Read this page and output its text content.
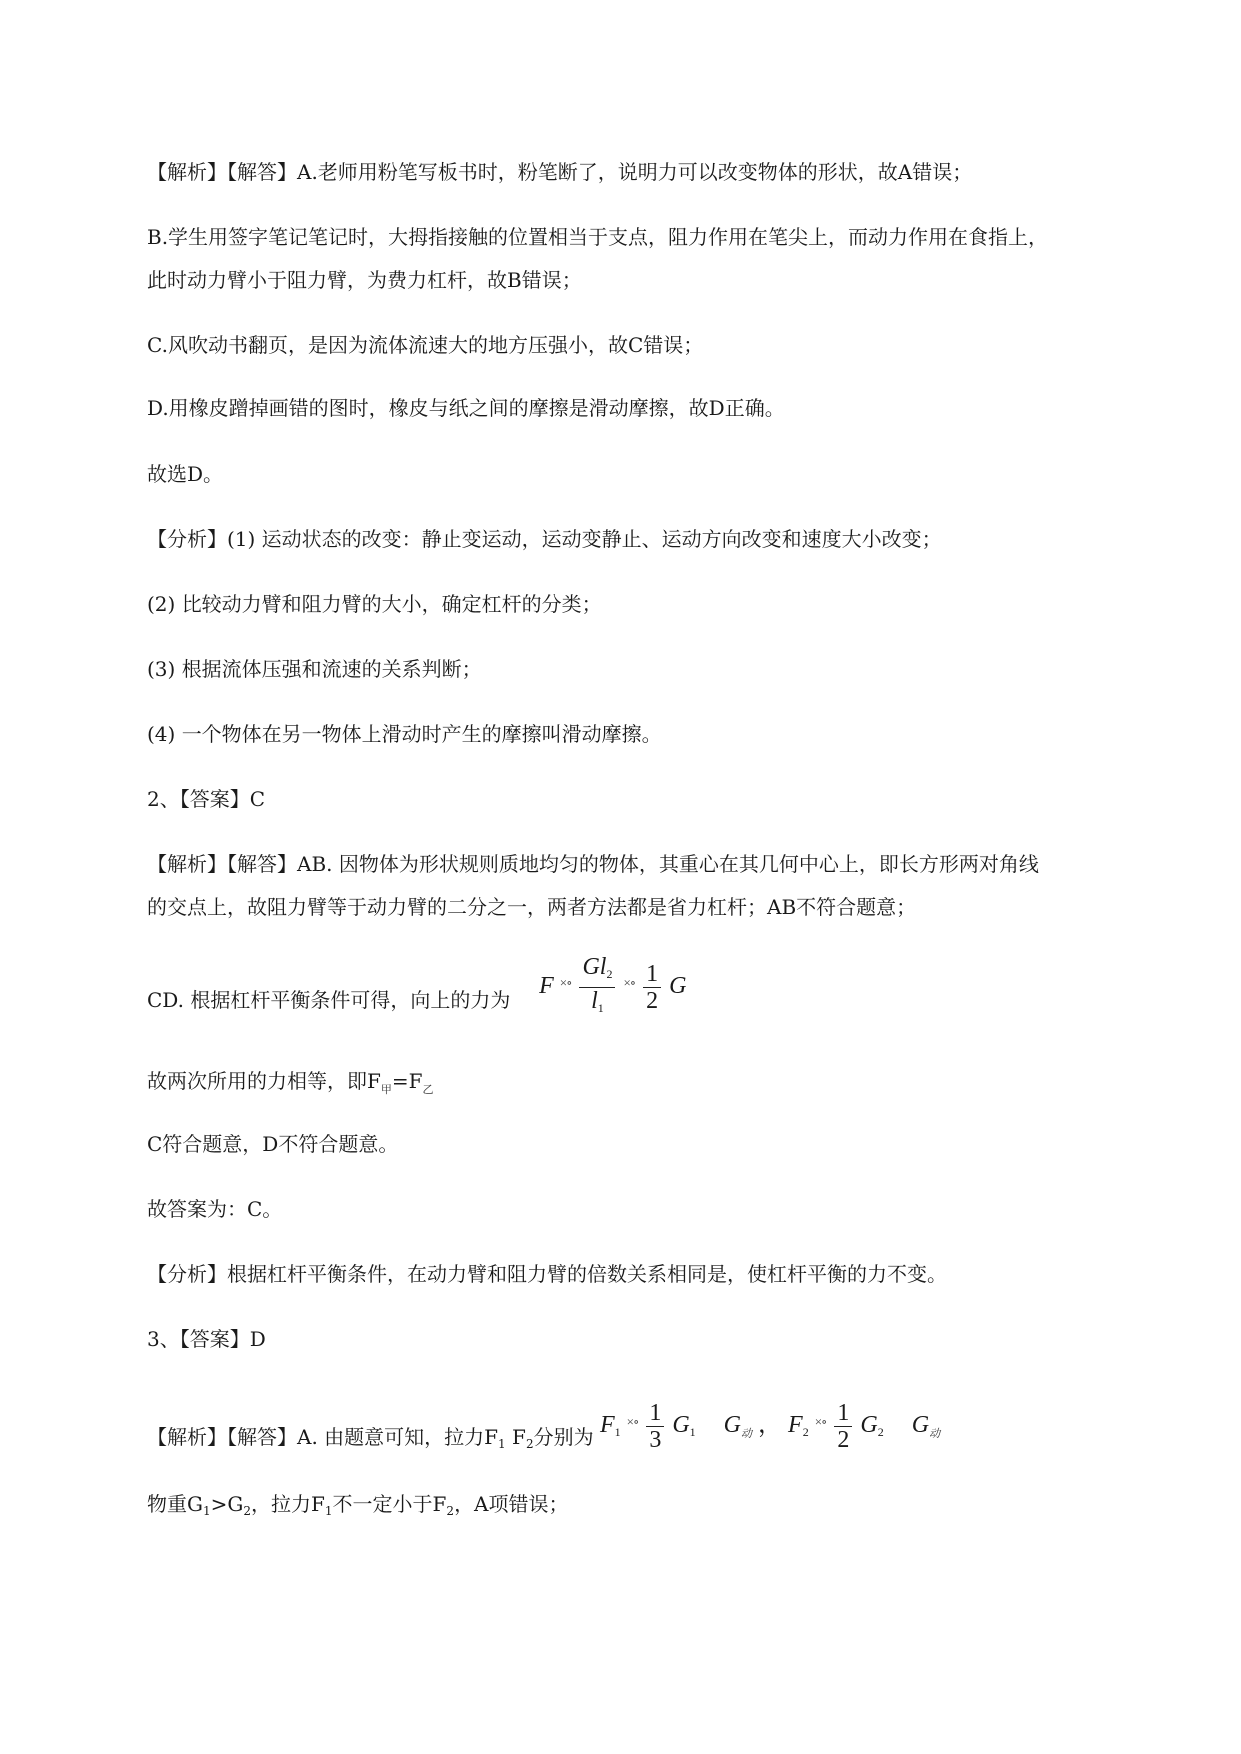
【解析】【解答】A.老师用粉笔写板书时，粉笔断了，说明力可以改变物体的形状，故A错误；
B.学生用签字笔记笔记时，大拇指接触的位置相当于支点，阻力作用在笔尖上，而动力作用在食指上，
此时动力臂小于阻力臂，为费力杠杆，故B错误；
C.风吹动书翻页，是因为流体流速大的地方压强小，故C错误；
D.用橡皮蹭掉画错的图时，橡皮与纸之间的摩擦是滑动摩擦，故D正确。
故选D。
【分析】(1) 运动状态的改变：静止变运动，运动变静止、运动方向改变和速度大小改变；
(2) 比较动力臂和阻力臂的大小，确定杠杆的分类；
(3) 根据流体压强和流速的关系判断；
(4) 一个物体在另一物体上滑动时产生的摩擦叫滑动摩擦。
2、【答案】C
【解析】【解答】AB. 因物体为形状规则质地均匀的物体，其重心在其几何中心上，即长方形两对角线
的交点上，故阻力臂等于动力臂的二分之一，两者方法都是省力杠杆；AB不符合题意；
CD. 根据杠杆平衡条件可得，向上的力为  F $^{\times\circ} \frac{Gl_2}{l_1} ^{\times\circ} \frac{1}{2}$ G
故两次所用的力相等，即$F_甲=F_乙$
C符合题意，D不符合题意。
故答案为：C。
【分析】根据杠杆平衡条件，在动力臂和阻力臂的倍数关系相同是，使杠杆平衡的力不变。
3、【答案】D
【解析】【解答】A. 由题意可知，拉力$F_1$ $F_2$分别为 $F_1$ $^{\times\circ} \frac{1}{3} G_1$ $G_动$ ， $F_2$ $^{\times\circ} \frac{1}{2} G_2$ $G_动$
物重$G_1>G_2$，拉力$F_1$不一定小于$F_2$，A项错误；
